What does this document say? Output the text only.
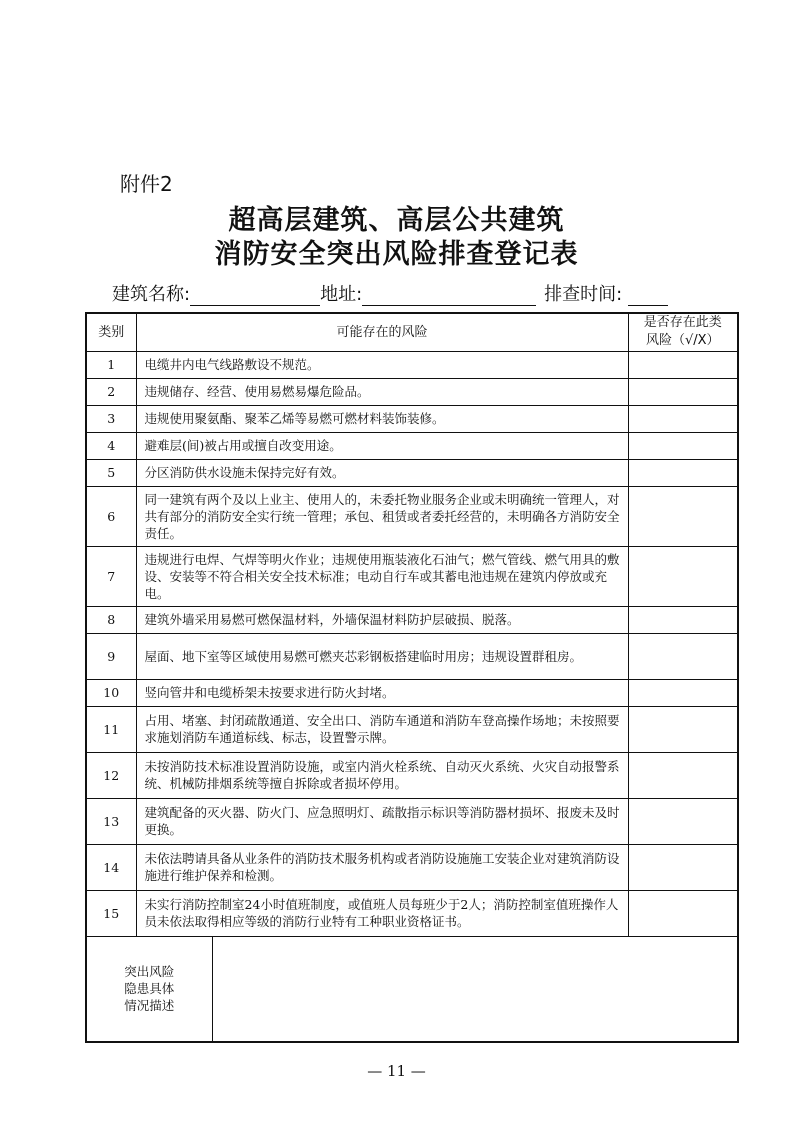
附件2
超高层建筑、高层公共建筑
消防安全突出风险排查登记表
建筑名称:	地址:	排查时间:
类别	可能存在的风险		是否存在此类
风险（√/X）
1	电缆井内电气线路敷设不规范。		
2	违规储存、经营、使用易燃易爆危险品。		
3	违规使用聚氨酯、聚苯乙烯等易燃可燃材料装饰装修。		
4	避难层(间)被占用或擅自改变用途。		
5	分区消防供水设施未保持完好有效。		
6	同一建筑有两个及以上业主、使用人的，未委托物业服务企业或未明确统一管理人，对共有部分的消防安全实行统一管理；承包、租赁或者委托经营的，未明确各方消防安全责任。		
7	违规进行电焊、气焊等明火作业；违规使用瓶装液化石油气；燃气管线、燃气用具的敷设、安装等不符合相关安全技术标准；电动自行车或其蓄电池违规在建筑内停放或充电。		
8	建筑外墙采用易燃可燃保温材料，外墙保温材料防护层破损、脱落。		
9	屋面、地下室等区域使用易燃可燃夹芯彩钢板搭建临时用房；违规设置群租房。		
10	竖向管井和电缆桥架未按要求进行防火封堵。		
11	占用、堵塞、封闭疏散通道、安全出口、消防车通道和消防车登高操作场地；未按照要求施划消防车通道标线、标志，设置警示牌。		
12	未按消防技术标准设置消防设施，或室内消火栓系统、自动灭火系统、火灾自动报警系统、机械防排烟系统等擅自拆除或者损坏停用。		
13	建筑配备的灭火器、防火门、应急照明灯、疏散指示标识等消防器材损坏、报废未及时更换。		
14	未依法聘请具备从业条件的消防技术服务机构或者消防设施施工安装企业对建筑消防设施进行维护保养和检测。		
15	未实行消防控制室24小时值班制度，或值班人员每班少于2人；消防控制室值班操作人员未依法取得相应等级的消防行业特有工种职业资格证书。		
突出风险
隐患具体
情况描述			
— 11 —
